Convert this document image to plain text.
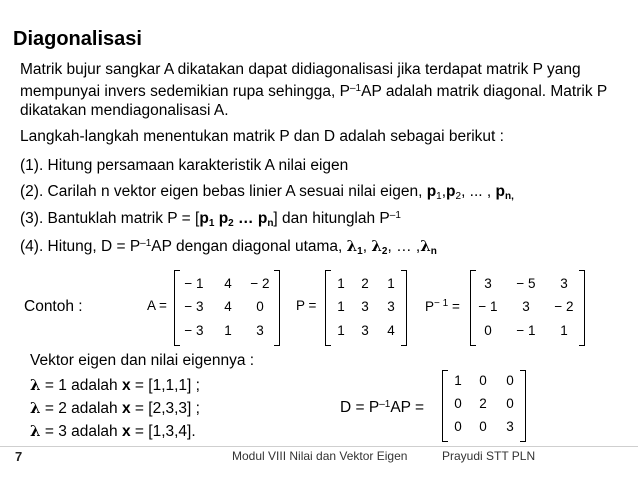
Diagonalisasi
Matrik bujur sangkar A dikatakan dapat didiagonalisasi jika terdapat matrik P yang mempunyai invers sedemikian rupa sehingga, $P^{-1}AP$ adalah matrik diagonal. Matrik P dikatakan mendiagonalisasi A.
Langkah-langkah menentukan matrik P dan D adalah sebagai berikut :
(1). Hitung persamaan karakteristik A nilai eigen
(2). Carilah n vektor eigen bebas linier A sesuai nilai eigen, $p_1,p_2$, ... , $p_{n,}$
(3). Bantuklah matrik $P = [p_1$ $p_2$ … $p_n$] dan hitunglah $P^{-1}$
(4). Hitung, $D = P^{-1}AP$ dengan diagonal utama, $\lambda_1$, $\lambda_2$, … $,\lambda_n$
Contoh :	A =
− 1	4	− 2
− 3	4	0
− 3	1	3
P =
1	2	1
1	3	3
1	3	4
$P^{- 1}$ =
3	− 5	3
− 1	3	− 2
0	− 1	1
Vektor eigen dan nilai eigennya :
λ = 1 adalah x = [1,1,1] ;
λ = 2 adalah x = [2,3,3] ;
λ = 3 adalah x = [1,3,4].
$D = P^{-1}AP$ =
1	0	0
0	2	0
0	0	3
7	Modul VIII Nilai dan Vektor Eigen	Prayudi STT PLN
